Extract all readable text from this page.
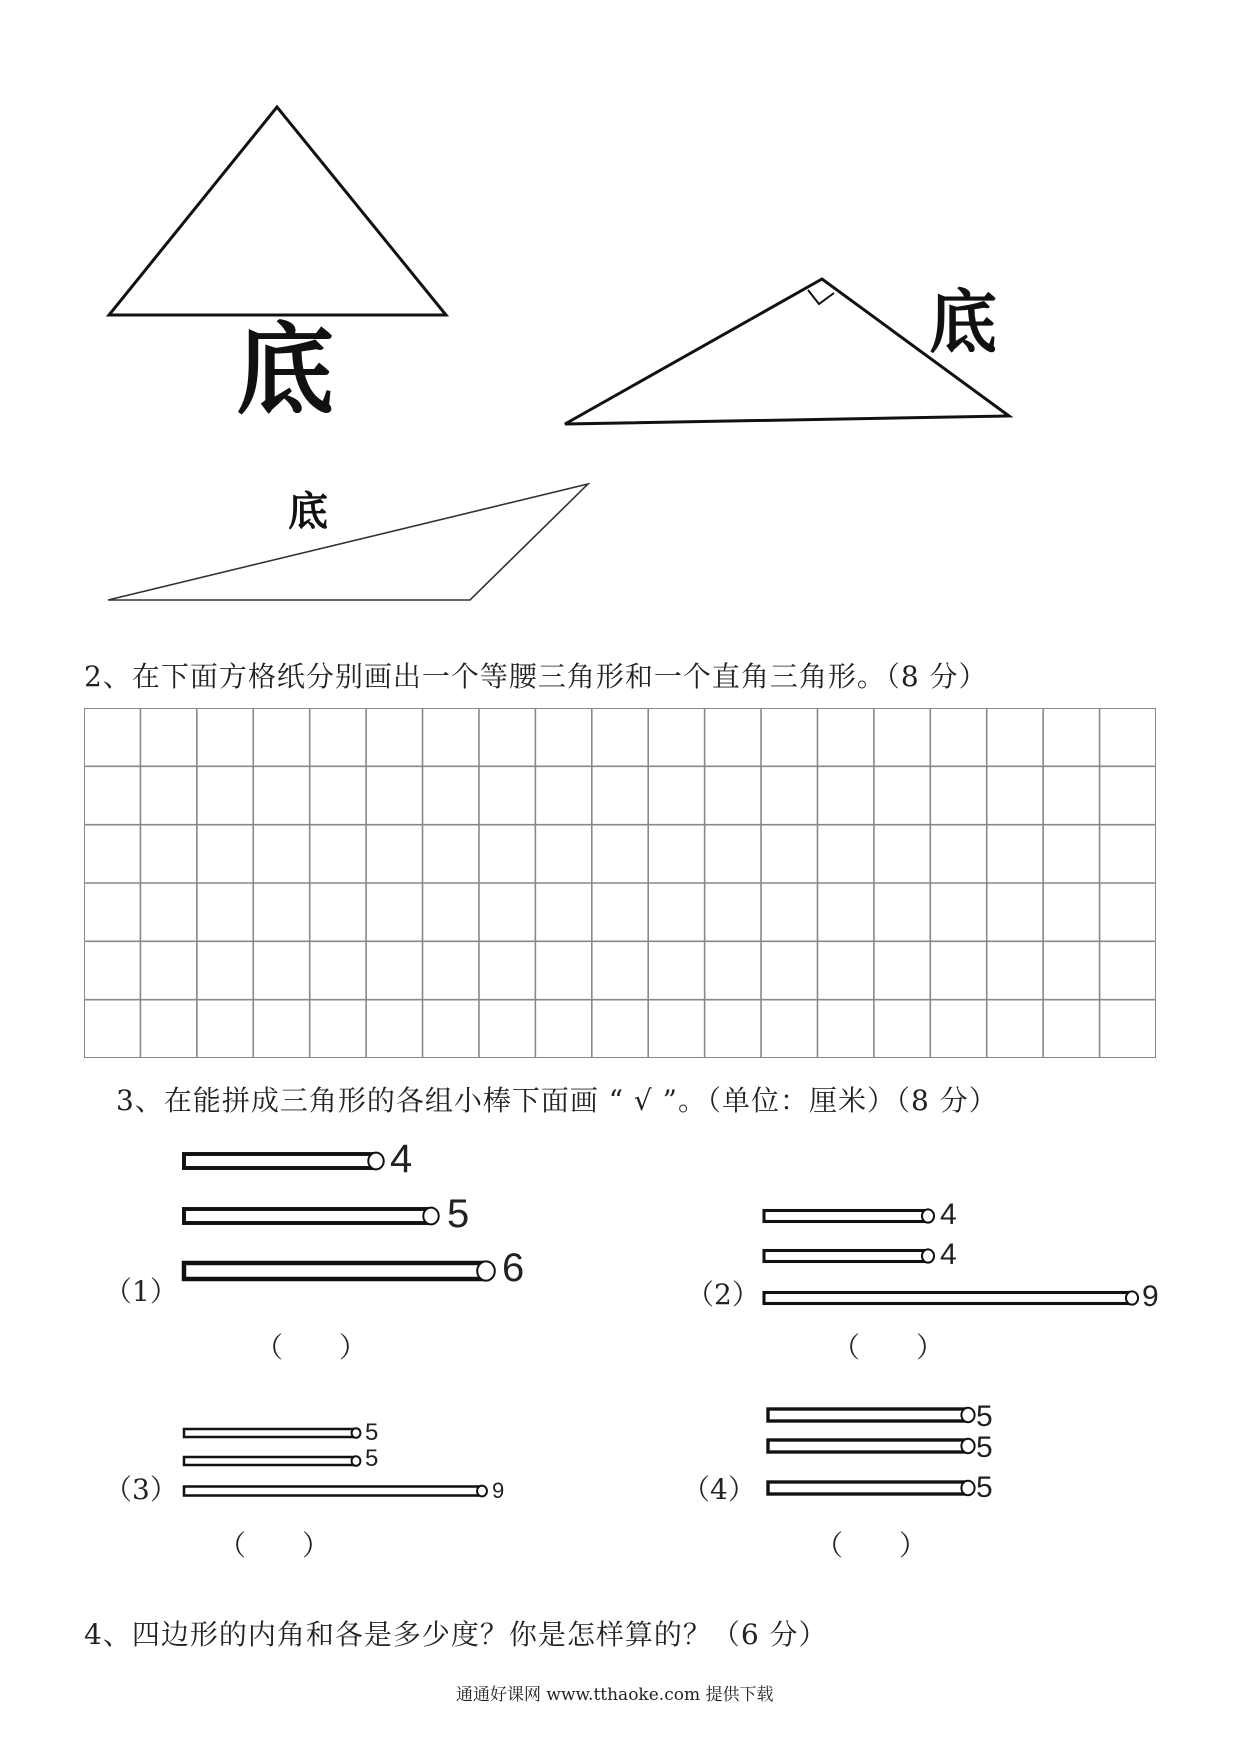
底	底
底
2、在下面方格纸分别画出一个等腰三角形和一个直角三角形。（8 分）
3、在能拼成三角形的各组小棒下面画 “ √ ”。（单位：厘米）（8 分）
4
5
6
4
4
9
5
5
9
5
5
5
（1）	（2）
（3）	（4）
（　　）	（　　）
（　　）	（　　）
4、四边形的内角和各是多少度？你是怎样算的？（6 分）
通通好课网 www.tthaoke.com 提供下载
